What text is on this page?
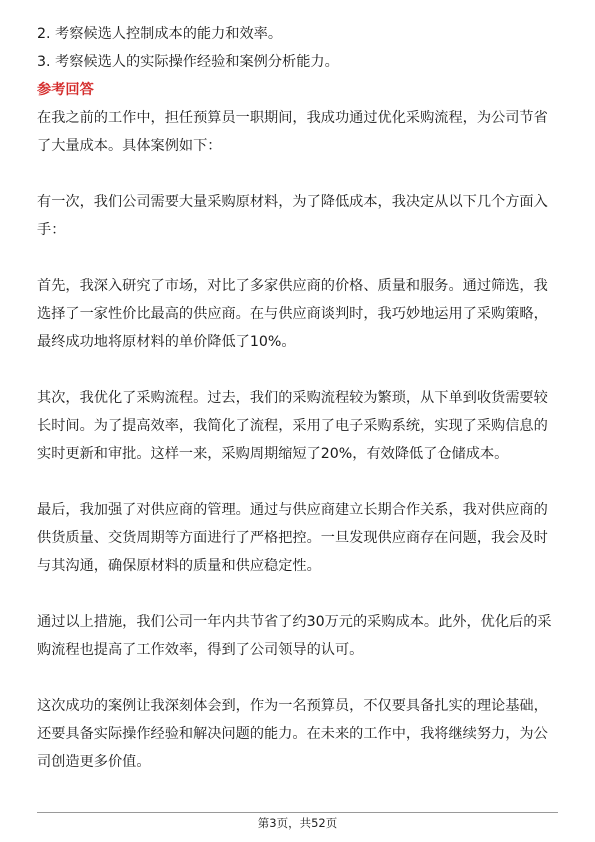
2. 考察候选人控制成本的能力和效率。
3. 考察候选人的实际操作经验和案例分析能力。
参考回答
在我之前的工作中，担任预算员一职期间，我成功通过优化采购流程，为公司节省
了大量成本。具体案例如下：
有一次，我们公司需要大量采购原材料，为了降低成本，我决定从以下几个方面入
手：
首先，我深入研究了市场，对比了多家供应商的价格、质量和服务。通过筛选，我
选择了一家性价比最高的供应商。在与供应商谈判时，我巧妙地运用了采购策略，
最终成功地将原材料的单价降低了10%。
其次，我优化了采购流程。过去，我们的采购流程较为繁琐，从下单到收货需要较
长时间。为了提高效率，我简化了流程，采用了电子采购系统，实现了采购信息的
实时更新和审批。这样一来，采购周期缩短了20%，有效降低了仓储成本。
最后，我加强了对供应商的管理。通过与供应商建立长期合作关系，我对供应商的
供货质量、交货周期等方面进行了严格把控。一旦发现供应商存在问题，我会及时
与其沟通，确保原材料的质量和供应稳定性。
通过以上措施，我们公司一年内共节省了约30万元的采购成本。此外，优化后的采
购流程也提高了工作效率，得到了公司领导的认可。
这次成功的案例让我深刻体会到，作为一名预算员，不仅要具备扎实的理论基础，
还要具备实际操作经验和解决问题的能力。在未来的工作中，我将继续努力，为公
司创造更多价值。
第3页，共52页
